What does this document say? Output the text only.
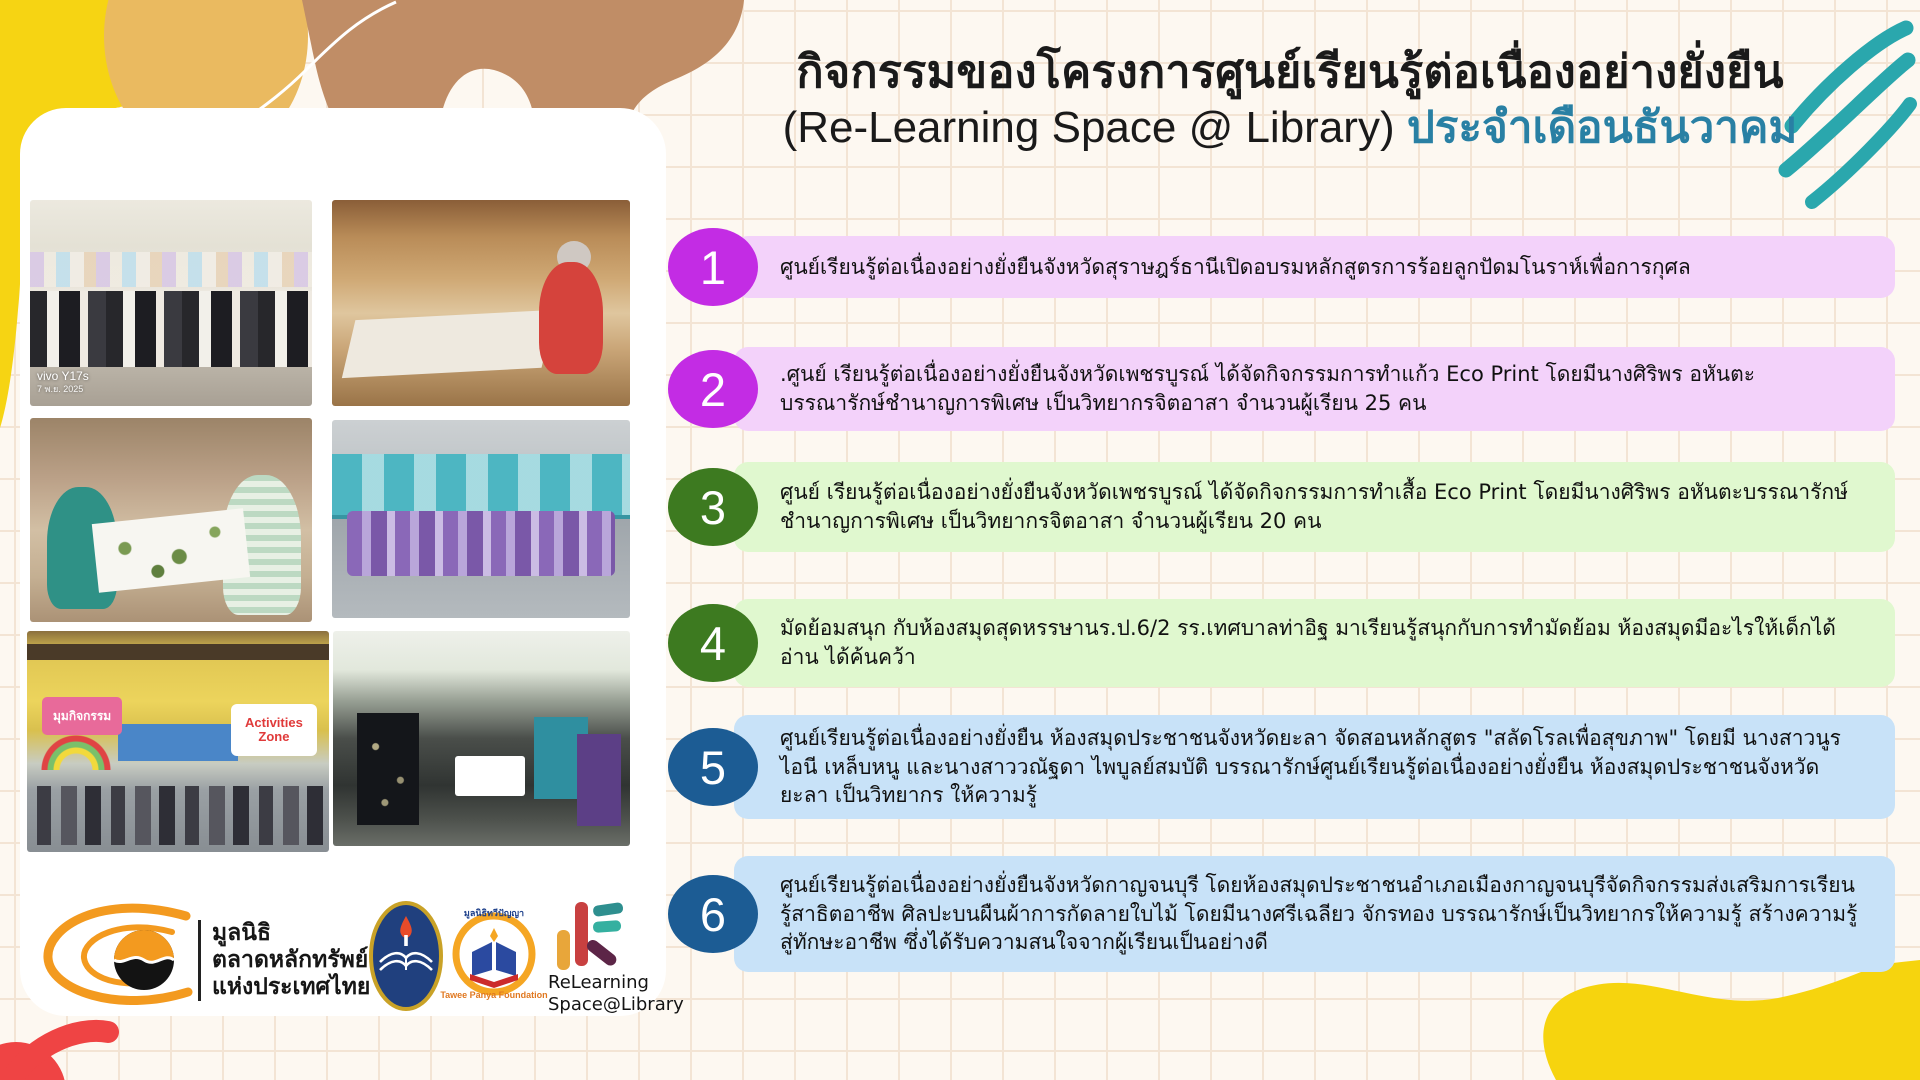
กิจกรรมของโครงการศูนย์เรียนรู้ต่อเนื่องอย่างยั่งยืน
(Re-Learning Space @ Library) ประจำเดือนธันวาคม
ศูนย์เรียนรู้ต่อเนื่องอย่างยั่งยืนจังหวัดสุราษฎร์ธานีเปิดอบรมหลักสูตรการร้อยลูกปัดมโนราห์เพื่อการกุศล
1
.ศูนย์ เรียนรู้ต่อเนื่องอย่างยั่งยืนจังหวัดเพชรบูรณ์ ได้จัดกิจกรรมการทำแก้ว Eco Print โดยมีนางศิริพร อหันตะ บรรณารักษ์ชำนาญการพิเศษ เป็นวิทยากรจิตอาสา จำนวนผู้เรียน 25 คน
2
ศูนย์ เรียนรู้ต่อเนื่องอย่างยั่งยืนจังหวัดเพชรบูรณ์ ได้จัดกิจกรรมการทำเสื้อ Eco Print โดยมีนางศิริพร อหันตะบรรณารักษ์ ชำนาญการพิเศษ เป็นวิทยากรจิตอาสา จำนวนผู้เรียน 20 คน
3
มัดย้อมสนุก กับห้องสมุดสุดหรรษานร.ป.6/2 รร.เทศบาลท่าอิฐ มาเรียนรู้สนุกกับการทำมัดย้อม ห้องสมุดมีอะไรให้เด็กได้อ่าน ได้ค้นคว้า
4
ศูนย์เรียนรู้ต่อเนื่องอย่างยั่งยืน ห้องสมุดประชาชนจังหวัดยะลา จัดสอนหลักสูตร "สลัดโรลเพื่อสุขภาพ" โดยมี นางสาวนูรไอนี เหล็บหนู และนางสาววณัฐดา ไพบูลย์สมบัติ บรรณารักษ์ศูนย์เรียนรู้ต่อเนื่องอย่างยั่งยืน ห้องสมุดประชาชนจังหวัดยะลา เป็นวิทยากร ให้ความรู้
5
ศูนย์เรียนรู้ต่อเนื่องอย่างยั่งยืนจังหวัดกาญจนบุรี โดยห้องสมุดประชาชนอำเภอเมืองกาญจนบุรีจัดกิจกรรมส่งเสริมการเรียนรู้สาธิตอาชีพ ศิลปะบนผืนผ้าการกัดลายใบไม้ โดยมีนางศรีเฉลียว จักรทอง บรรณารักษ์เป็นวิทยากรให้ความรู้ สร้างความรู้ สู่ทักษะอาชีพ ซึ่งได้รับความสนใจจากผู้เรียนเป็นอย่างดี
6
vivo Y17s
7 พ.ย. 2025
มุมกิจกรรม	Activities Zone
มูลนิธิ
ตลาดหลักทรัพย์
แห่งประเทศไทย
มูลนิธิทวีปัญญา
Tawee Panya Foundation
ReLearning
Space@Library
